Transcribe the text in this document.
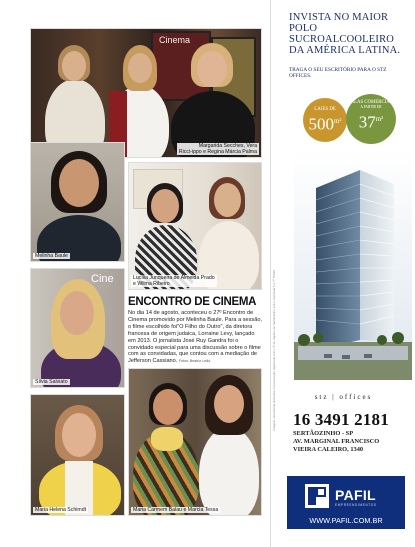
Cinema
Margarida Secches, Vera
Ricci-ippo e Regina Márcia Palma
Melinha Baule
Lucília Junqueira de Almeida Prado
e Wilma Ribeiro
Cine
Sílvia Salviato
ENCONTRO DE CINEMA
No dia 14 de agosto, aconteceu o 27º Encontro de Cinema promovido por Melinha Baule. Para a sessão, o filme escolhido foi"O Filho do Outro", da diretora francesa de origem judaica, Lorraine Levy, lançado em 2013. O jornalista José Ruy Gandra foi o convidado especial para uma discussão sobre o filme com as convidadas, que contou com a mediação de Jefferson Cassiano. Fotos: Beatriz Leão.
Maria Helena Schimdt	Maria Carmem Balau e Marcia Tessa
INVISTA NO MAIOR POLO SUCROALCOOLEIRO DA AMÉRICA LATINA.
TRAGA O SEU ESCRITÓRIO PARA O STZ OFFICES.
LAJES DE
$500^{m^2}$
SALAS COMERCIAIS
A PARTIR DE
$37^{m^2}$
stz | offices
16 3491 2181
SERTÃOZINHO - SP
AV. MARGINAL FRANCISCO
VIEIRA CALEIRO, 1340
PAFIL
EMPREENDIMENTOS
WWW.PAFIL.COM.BR
Imagem meramente ilustrativa. Incorporação registrada sob o nº do registro de Sertãozinho sob a matrícula 6.1.7º 75630
